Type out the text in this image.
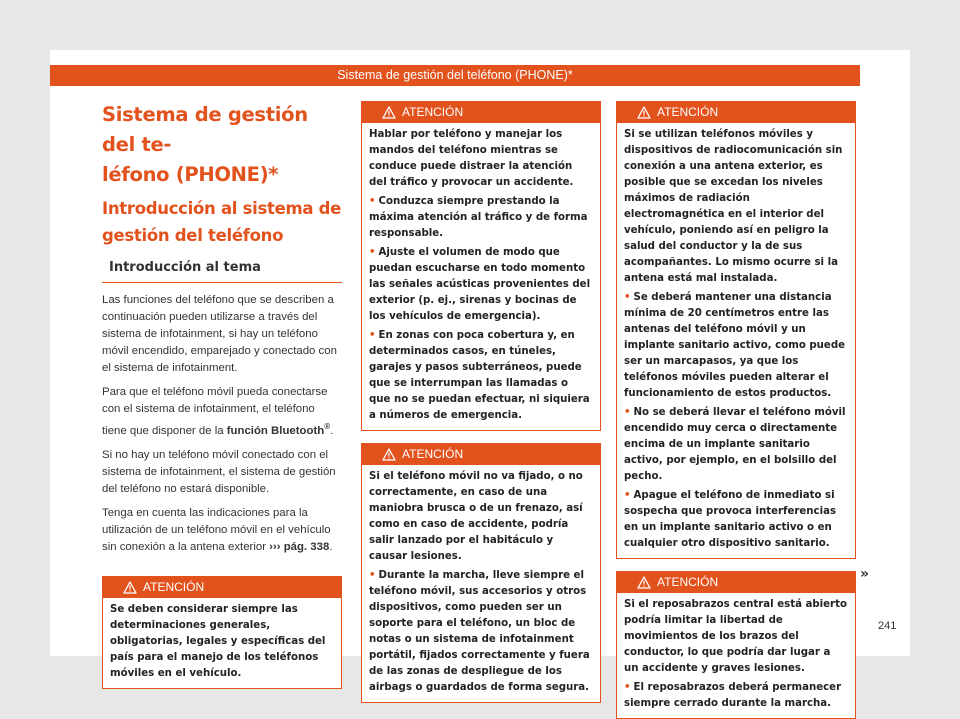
Sistema de gestión del teléfono (PHONE)*
Sistema de gestión del te-
léfono (PHONE)*
Introducción al sistema de
gestión del teléfono
Introducción al tema

Las funciones del teléfono que se describen a continuación pueden utilizarse a través del sistema de infotainment, si hay un teléfono móvil encendido, emparejado y conectado con el sistema de infotainment.

Para que el teléfono móvil pueda conectarse con el sistema de infotainment, el teléfono tiene que disponer de la función Bluetooth®.

Si no hay un teléfono móvil conectado con el sistema de infotainment, el sistema de gestión del teléfono no estará disponible.

Tenga en cuenta las indicaciones para la utilización de un teléfono móvil en el vehículo sin conexión a la antena exterior ››› pág. 338.

ATENCIÓN

Se deben considerar siempre las determinaciones generales, obligatorias, legales y específicas del país para el manejo de los teléfonos móviles en el vehículo.

ATENCIÓN

Hablar por teléfono y manejar los mandos del teléfono mientras se conduce puede distraer la atención del tráfico y provocar un accidente.

• Conduzca siempre prestando la máxima atención al tráfico y de forma responsable.
• Ajuste el volumen de modo que puedan escucharse en todo momento las señales acústicas provenientes del exterior (p. ej., sirenas y bocinas de los vehículos de emergencia).
• En zonas con poca cobertura y, en determinados casos, en túneles, garajes y pasos subterráneos, puede que se interrumpan las llamadas o que no se puedan efectuar, ni siquiera a números de emergencia.
ATENCIÓN

Si el teléfono móvil no va fijado, o no correctamente, en caso de una maniobra brusca o de un frenazo, así como en caso de accidente, podría salir lanzado por el habitáculo y causar lesiones.

• Durante la marcha, lleve siempre el teléfono móvil, sus accesorios y otros dispositivos, como pueden ser un soporte para el teléfono, un bloc de notas o un sistema de infotainment portátil, fijados correctamente y fuera de las zonas de despliegue de los airbags o guardados de forma segura.
ATENCIÓN

Si se utilizan teléfonos móviles y dispositivos de radiocomunicación sin conexión a una antena exterior, es posible que se excedan los niveles máximos de radiación electromagnética en el interior del vehículo, poniendo así en peligro la salud del conductor y la de sus acompañantes. Lo mismo ocurre si la antena está mal instalada.

• Se deberá mantener una distancia mínima de 20 centímetros entre las antenas del teléfono móvil y un implante sanitario activo, como puede ser un marcapasos, ya que los teléfonos móviles pueden alterar el funcionamiento de estos productos.
• No se deberá llevar el teléfono móvil encendido muy cerca o directamente encima de un implante sanitario activo, por ejemplo, en el bolsillo del pecho.
• Apague el teléfono de inmediato si sospecha que provoca interferencias en un implante sanitario activo o en cualquier otro dispositivo sanitario.
ATENCIÓN

Si el reposabrazos central está abierto podría limitar la libertad de movimientos de los brazos del conductor, lo que podría dar lugar a un accidente y graves lesiones.

• El reposabrazos deberá permanecer siempre cerrado durante la marcha.
»
241
